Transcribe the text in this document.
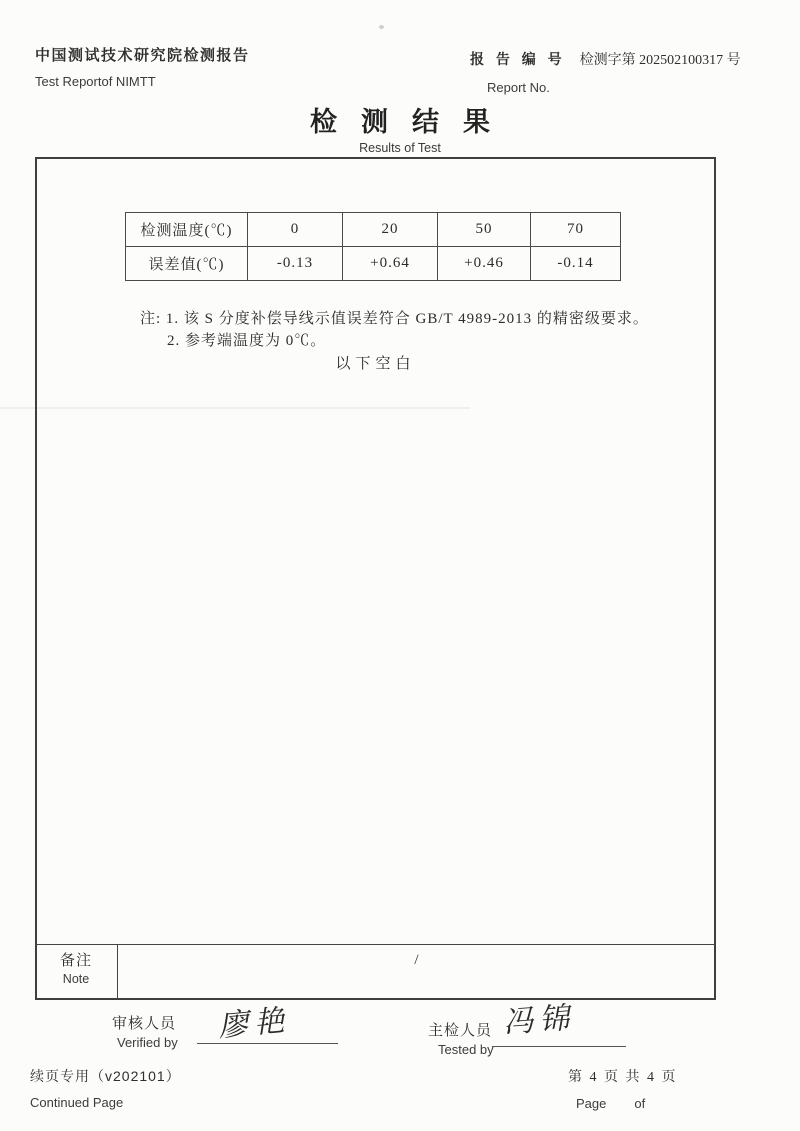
中国测试技术研究院检测报告
Test Reportof NIMTT
报 告 编 号 检测字第 202502100317 号
Report No.
检测结果
Results of Test
检测温度(℃)	0	20	50	70
误差值(℃)	-0.13	+0.64	+0.46	-0.14
注: 1. 该 S 分度补偿导线示值误差符合 GB/T 4989-2013 的精密级要求。
2. 参考端温度为 0℃。
以下空白
备注
Note
/
审核人员
Verified by 廖艳	主检人员
Tested by
冯锦
续页专用（v202101）
Continued Page
第 4 页 共 4 页
Page of
